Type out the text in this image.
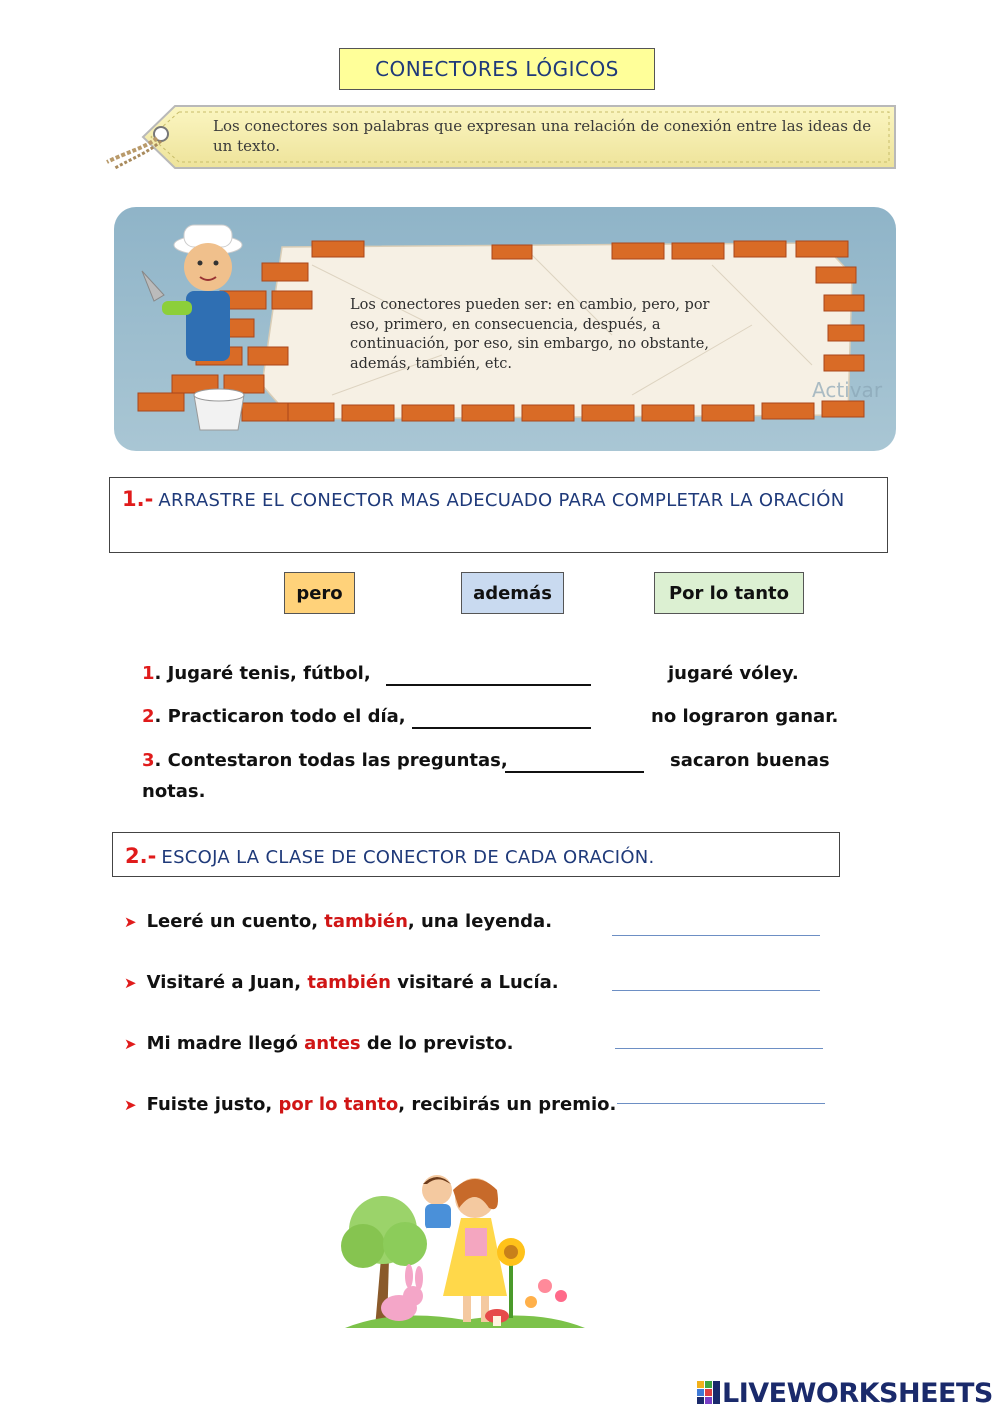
CONECTORES LÓGICOS
Los conectores son palabras que expresan una relación de conexión entre las ideas de un texto.
Activar
Los conectores pueden ser: en cambio, pero, por eso, primero, en consecuencia, después, a continuación, por eso, sin embargo, no obstante, además, también, etc.
1.- ARRASTRE EL CONECTOR MAS ADECUADO PARA COMPLETAR LA ORACIÓN
pero	además	Por lo tanto
1. Jugaré tenis, fútbol,	jugaré vóley.
2. Practicaron todo el día,	no lograron ganar.
3. Contestaron todas las preguntas,	sacaron buenas
notas.
2.- ESCOJA LA CLASE DE CONECTOR DE CADA ORACIÓN.
➤ Leeré un cuento, también, una leyenda.
➤ Visitaré a Juan, también visitaré a Lucía.
➤ Mi madre llegó antes de lo previsto.
➤ Fuiste justo, por lo tanto, recibirás un premio.
LIVEWORKSHEETS
